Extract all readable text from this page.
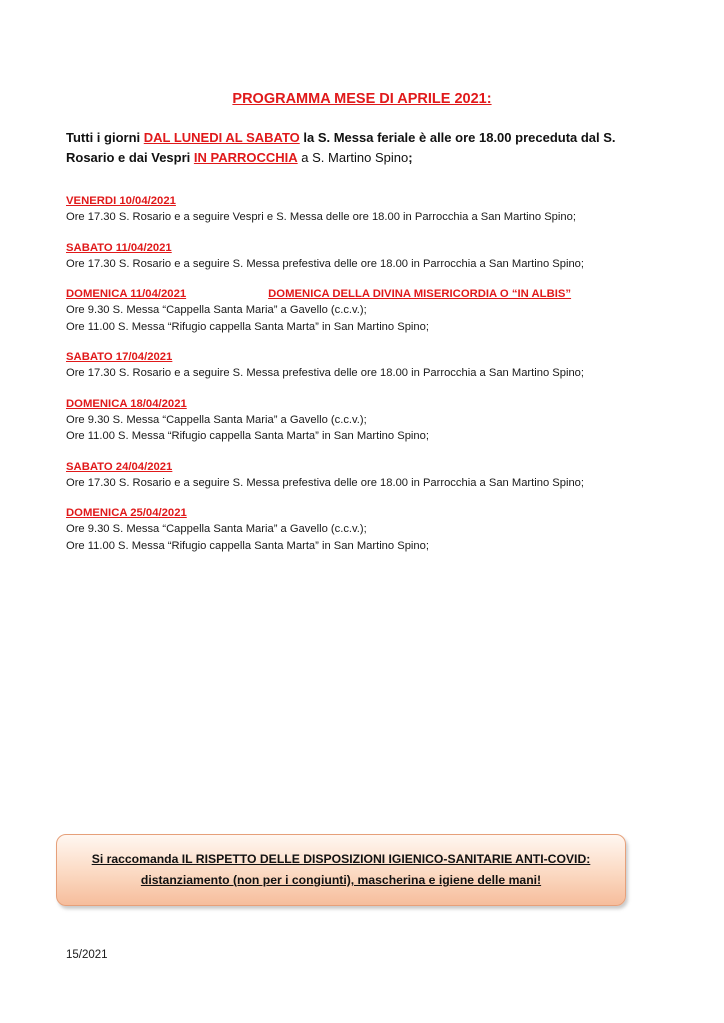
PROGRAMMA MESE DI APRILE 2021:
Tutti i giorni DAL LUNEDI AL SABATO la S. Messa feriale è alle ore 18.00 preceduta dal S. Rosario e dai Vespri IN PARROCCHIA a S. Martino Spino;
VENERDI 10/04/2021
Ore 17.30 S. Rosario e a seguire Vespri e S. Messa delle ore 18.00 in Parrocchia a San Martino Spino;
SABATO 11/04/2021
Ore 17.30 S. Rosario e a seguire S. Messa prefestiva delle ore 18.00 in Parrocchia a San Martino Spino;
DOMENICA 11/04/2021	DOMENICA DELLA DIVINA MISERICORDIA O “IN ALBIS”
Ore 9.30 S. Messa “Cappella Santa Maria” a Gavello (c.c.v.);
Ore 11.00 S. Messa “Rifugio cappella Santa Marta” in San Martino Spino;
SABATO 17/04/2021
Ore 17.30 S. Rosario e a seguire S. Messa prefestiva delle ore 18.00 in Parrocchia a San Martino Spino;
DOMENICA 18/04/2021
Ore 9.30 S. Messa “Cappella Santa Maria” a Gavello (c.c.v.);
Ore 11.00 S. Messa “Rifugio cappella Santa Marta” in San Martino Spino;
SABATO 24/04/2021
Ore 17.30 S. Rosario e a seguire S. Messa prefestiva delle ore 18.00 in Parrocchia a San Martino Spino;
DOMENICA 25/04/2021
Ore 9.30 S. Messa “Cappella Santa Maria” a Gavello (c.c.v.);
Ore 11.00 S. Messa “Rifugio cappella Santa Marta” in San Martino Spino;
Si raccomanda IL RISPETTO DELLE DISPOSIZIONI IGIENICO-SANITARIE ANTI-COVID: distanziamento (non per i congiunti), mascherina e igiene delle mani!
15/2021
